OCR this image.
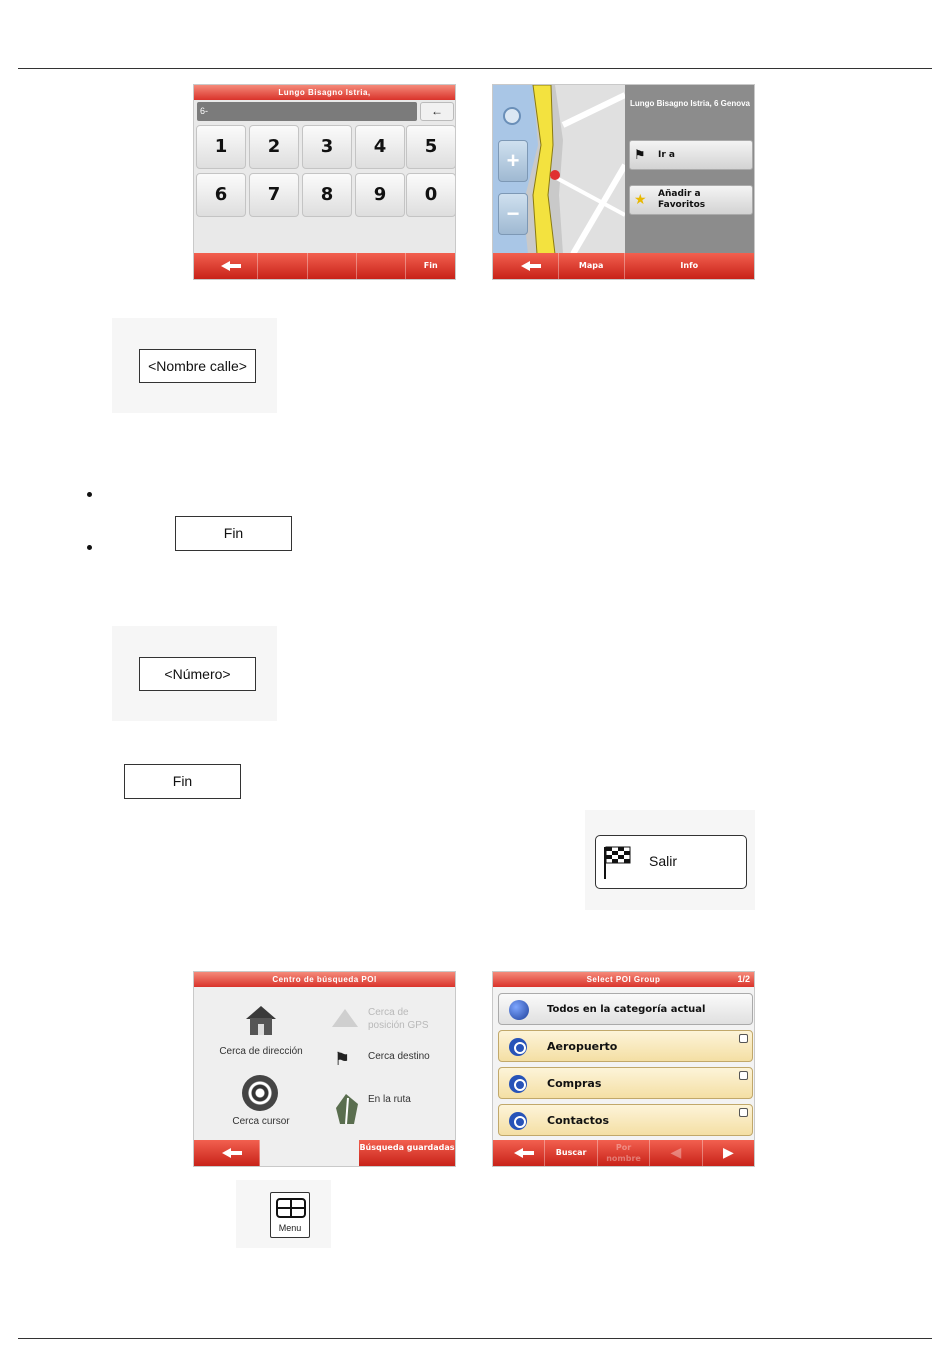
Lungo Bisagno Istria,
6-	←
1	2	3	4	5
6	7	8	9	0
Fin
+
−
Lungo Bisagno Istria, 6 Genova
⚑ Ir a
★ Añadir a Favoritos
Mapa	Info
<Nombre calle>
Fin
<Número>
Fin
Salir
Centro de búsqueda POI
Cerca de dirección
Cerca de posición GPS
⚑ Cerca destino
Cerca cursor
En la ruta
Búsqueda guardadas
Select POI Group	1/2
Todos en la categoría actual
Aeropuerto
Compras
Contactos
Buscar
Por nombre	◀	▶
Menu
